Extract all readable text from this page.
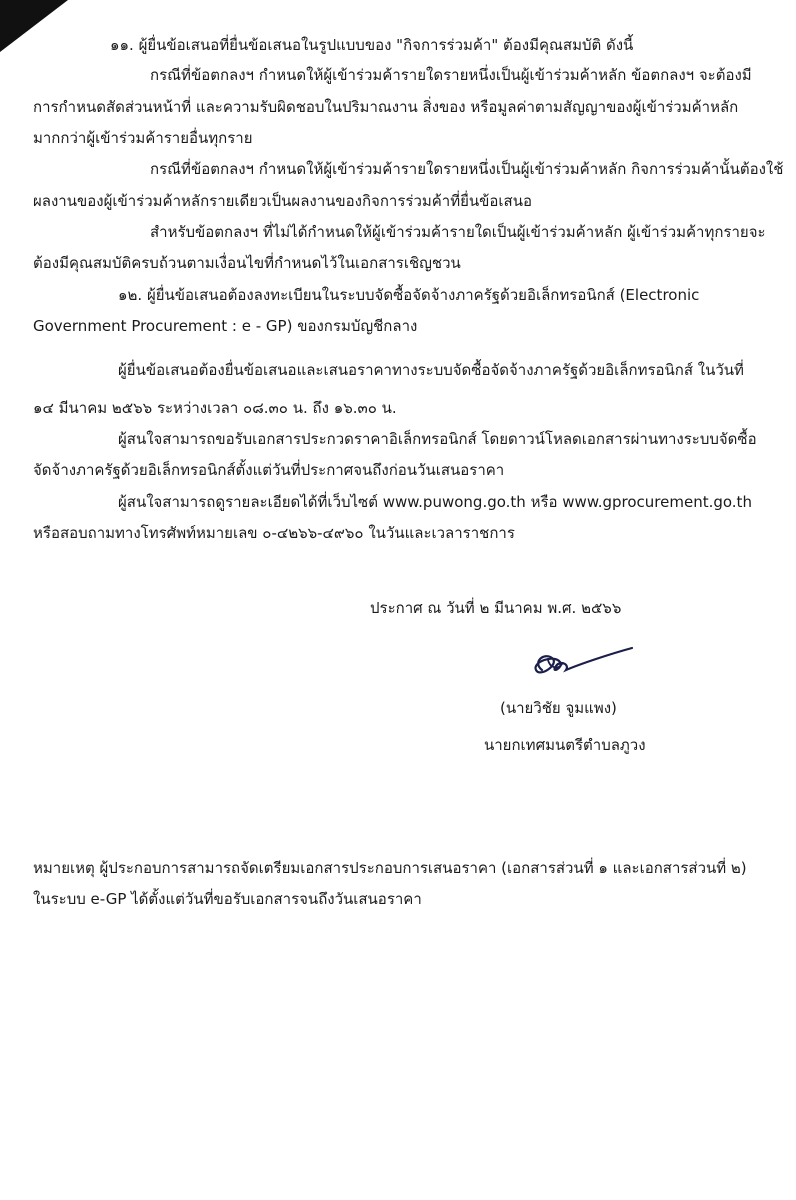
๑๑. ผู้ยื่นข้อเสนอที่ยื่นข้อเสนอในรูปแบบของ "กิจการร่วมค้า" ต้องมีคุณสมบัติ ดังนี้

กรณีที่ข้อตกลงฯ กำหนดให้ผู้เข้าร่วมค้ารายใดรายหนึ่งเป็นผู้เข้าร่วมค้าหลัก ข้อตกลงฯ จะต้องมี

การกำหนดสัดส่วนหน้าที่ และความรับผิดชอบในปริมาณงาน สิ่งของ หรือมูลค่าตามสัญญาของผู้เข้าร่วมค้าหลัก

มากกว่าผู้เข้าร่วมค้ารายอื่นทุกราย

กรณีที่ข้อตกลงฯ กำหนดให้ผู้เข้าร่วมค้ารายใดรายหนึ่งเป็นผู้เข้าร่วมค้าหลัก กิจการร่วมค้านั้นต้องใช้

ผลงานของผู้เข้าร่วมค้าหลักรายเดียวเป็นผลงานของกิจการร่วมค้าที่ยื่นข้อเสนอ

สำหรับข้อตกลงฯ ที่ไม่ได้กำหนดให้ผู้เข้าร่วมค้ารายใดเป็นผู้เข้าร่วมค้าหลัก ผู้เข้าร่วมค้าทุกรายจะ

ต้องมีคุณสมบัติครบถ้วนตามเงื่อนไขที่กำหนดไว้ในเอกสารเชิญชวน

๑๒. ผู้ยื่นข้อเสนอต้องลงทะเบียนในระบบจัดซื้อจัดจ้างภาครัฐด้วยอิเล็กทรอนิกส์ (Electronic

Government Procurement : e - GP) ของกรมบัญชีกลาง

ผู้ยื่นข้อเสนอต้องยื่นข้อเสนอและเสนอราคาทางระบบจัดซื้อจัดจ้างภาครัฐด้วยอิเล็กทรอนิกส์ ในวันที่

๑๔ มีนาคม ๒๕๖๖ ระหว่างเวลา ๐๘.๓๐ น. ถึง ๑๖.๓๐ น.

ผู้สนใจสามารถขอรับเอกสารประกวดราคาอิเล็กทรอนิกส์ โดยดาวน์โหลดเอกสารผ่านทางระบบจัดซื้อ

จัดจ้างภาครัฐด้วยอิเล็กทรอนิกส์ตั้งแต่วันที่ประกาศจนถึงก่อนวันเสนอราคา

ผู้สนใจสามารถดูรายละเอียดได้ที่เว็บไซต์ www.puwong.go.th หรือ www.gprocurement.go.th

หรือสอบถามทางโทรศัพท์หมายเลข ๐-๔๒๖๖-๔๙๖๐ ในวันและเวลาราชการ

ประกาศ ณ วันที่ ๒ มีนาคม พ.ศ. ๒๕๖๖

(นายวิชัย จูมแพง)

นายกเทศมนตรีตำบลภูวง

หมายเหตุ ผู้ประกอบการสามารถจัดเตรียมเอกสารประกอบการเสนอราคา (เอกสารส่วนที่ ๑ และเอกสารส่วนที่ ๒)

ในระบบ e-GP ได้ตั้งแต่วันที่ขอรับเอกสารจนถึงวันเสนอราคา
